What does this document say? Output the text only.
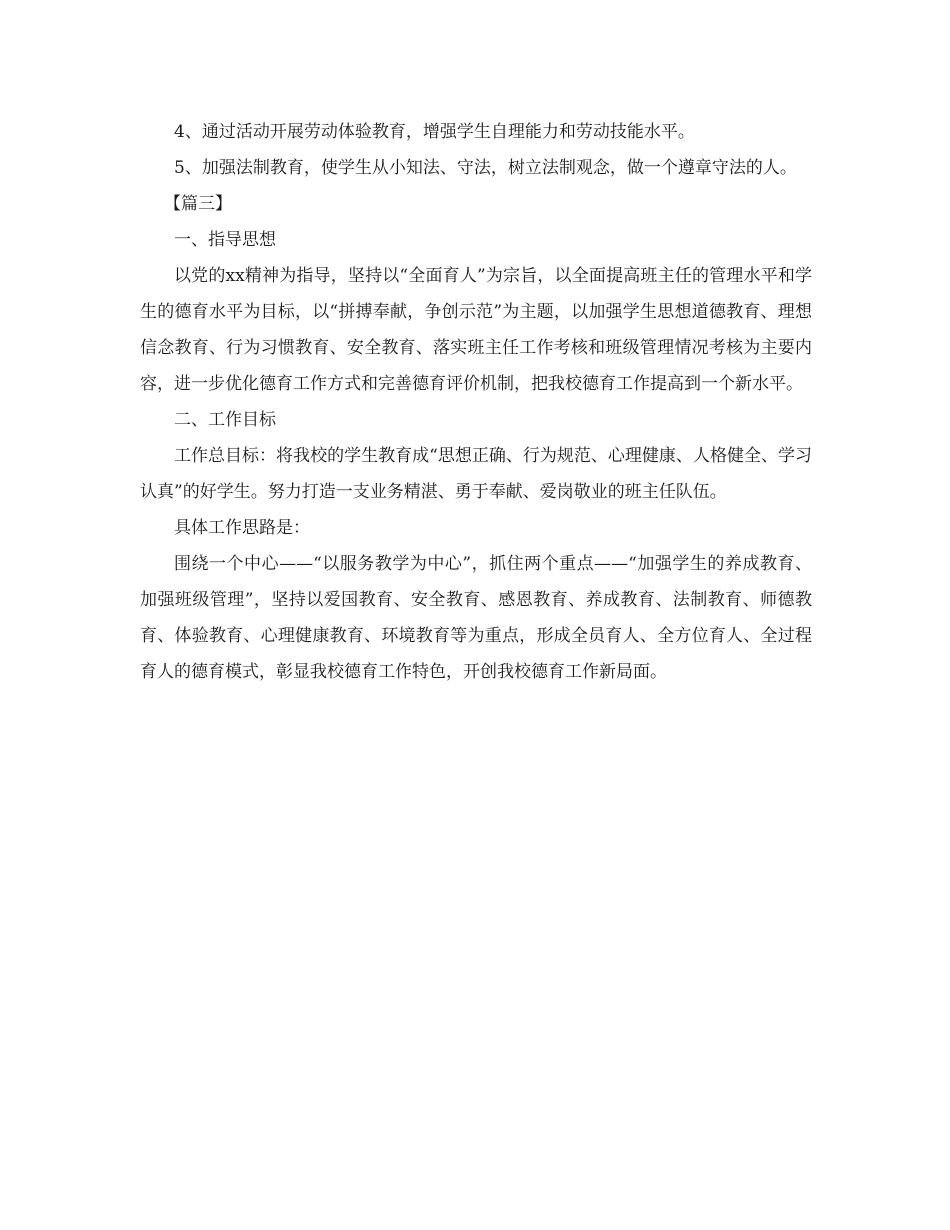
4、通过活动开展劳动体验教育，增强学生自理能力和劳动技能水平。

5、加强法制教育，使学生从小知法、守法，树立法制观念，做一个遵章守法的人。

【篇三】

一、指导思想

以党的xx精神为指导，坚持以“全面育人”为宗旨，以全面提高班主任的管理水平和学生的德育水平为目标，以“拼搏奉献，争创示范”为主题，以加强学生思想道德教育、理想信念教育、行为习惯教育、安全教育、落实班主任工作考核和班级管理情况考核为主要内容，进一步优化德育工作方式和完善德育评价机制，把我校德育工作提高到一个新水平。

二、工作目标

工作总目标：将我校的学生教育成“思想正确、行为规范、心理健康、人格健全、学习认真”的好学生。努力打造一支业务精湛、勇于奉献、爱岗敬业的班主任队伍。

具体工作思路是：

围绕一个中心——“以服务教学为中心”，抓住两个重点——“加强学生的养成教育、加强班级管理”，坚持以爱国教育、安全教育、感恩教育、养成教育、法制教育、师德教育、体验教育、心理健康教育、环境教育等为重点，形成全员育人、全方位育人、全过程育人的德育模式，彰显我校德育工作特色，开创我校德育工作新局面。
